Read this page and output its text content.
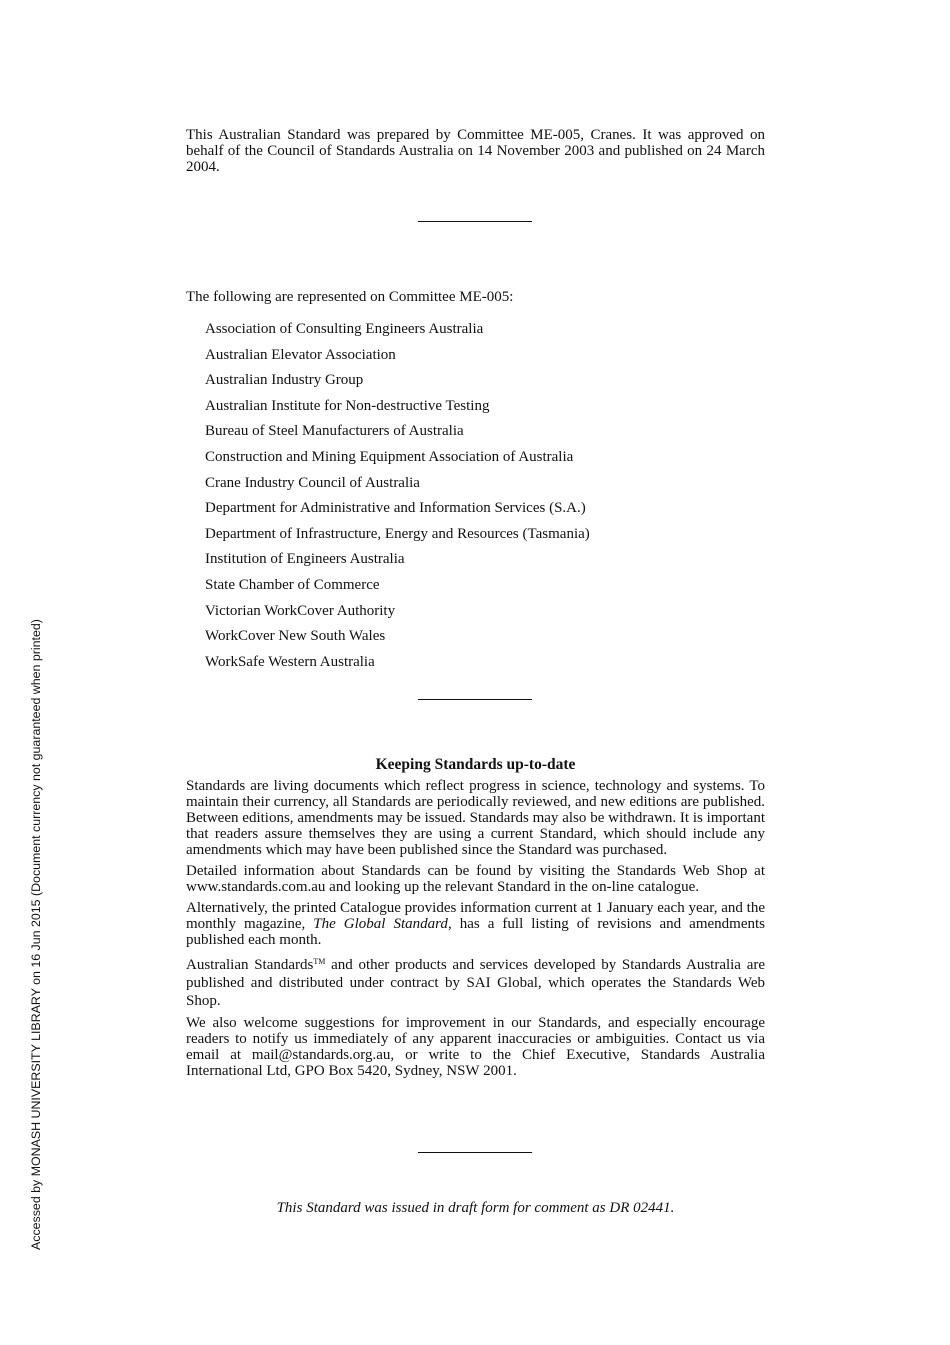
Accessed by MONASH UNIVERSITY LIBRARY on 16 Jun 2015 (Document currency not guaranteed when printed)

This Australian Standard was prepared by Committee ME-005, Cranes. It was approved on behalf of the Council of Standards Australia on 14 November 2003 and published on 24 March 2004.

The following are represented on Committee ME-005:

Association of Consulting Engineers Australia
Australian Elevator Association
Australian Industry Group
Australian Institute for Non-destructive Testing
Bureau of Steel Manufacturers of Australia
Construction and Mining Equipment Association of Australia
Crane Industry Council of Australia
Department for Administrative and Information Services (S.A.)
Department of Infrastructure, Energy and Resources (Tasmania)
Institution of Engineers Australia
State Chamber of Commerce
Victorian WorkCover Authority
WorkCover New South Wales
WorkSafe Western Australia
Keeping Standards up-to-date

Standards are living documents which reflect progress in science, technology and systems. To maintain their currency, all Standards are periodically reviewed, and new editions are published. Between editions, amendments may be issued. Standards may also be withdrawn. It is important that readers assure themselves they are using a current Standard, which should include any amendments which may have been published since the Standard was purchased.

Detailed information about Standards can be found by visiting the Standards Web Shop at www.standards.com.au and looking up the relevant Standard in the on-line catalogue.

Alternatively, the printed Catalogue provides information current at 1 January each year, and the monthly magazine, The Global Standard, has a full listing of revisions and amendments published each month.

Australian Standards™ and other products and services developed by Standards Australia are published and distributed under contract by SAI Global, which operates the Standards Web Shop.

We also welcome suggestions for improvement in our Standards, and especially encourage readers to notify us immediately of any apparent inaccuracies or ambiguities. Contact us via email at mail@standards.org.au, or write to the Chief Executive, Standards Australia International Ltd, GPO Box 5420, Sydney, NSW 2001.

This Standard was issued in draft form for comment as DR 02441.
